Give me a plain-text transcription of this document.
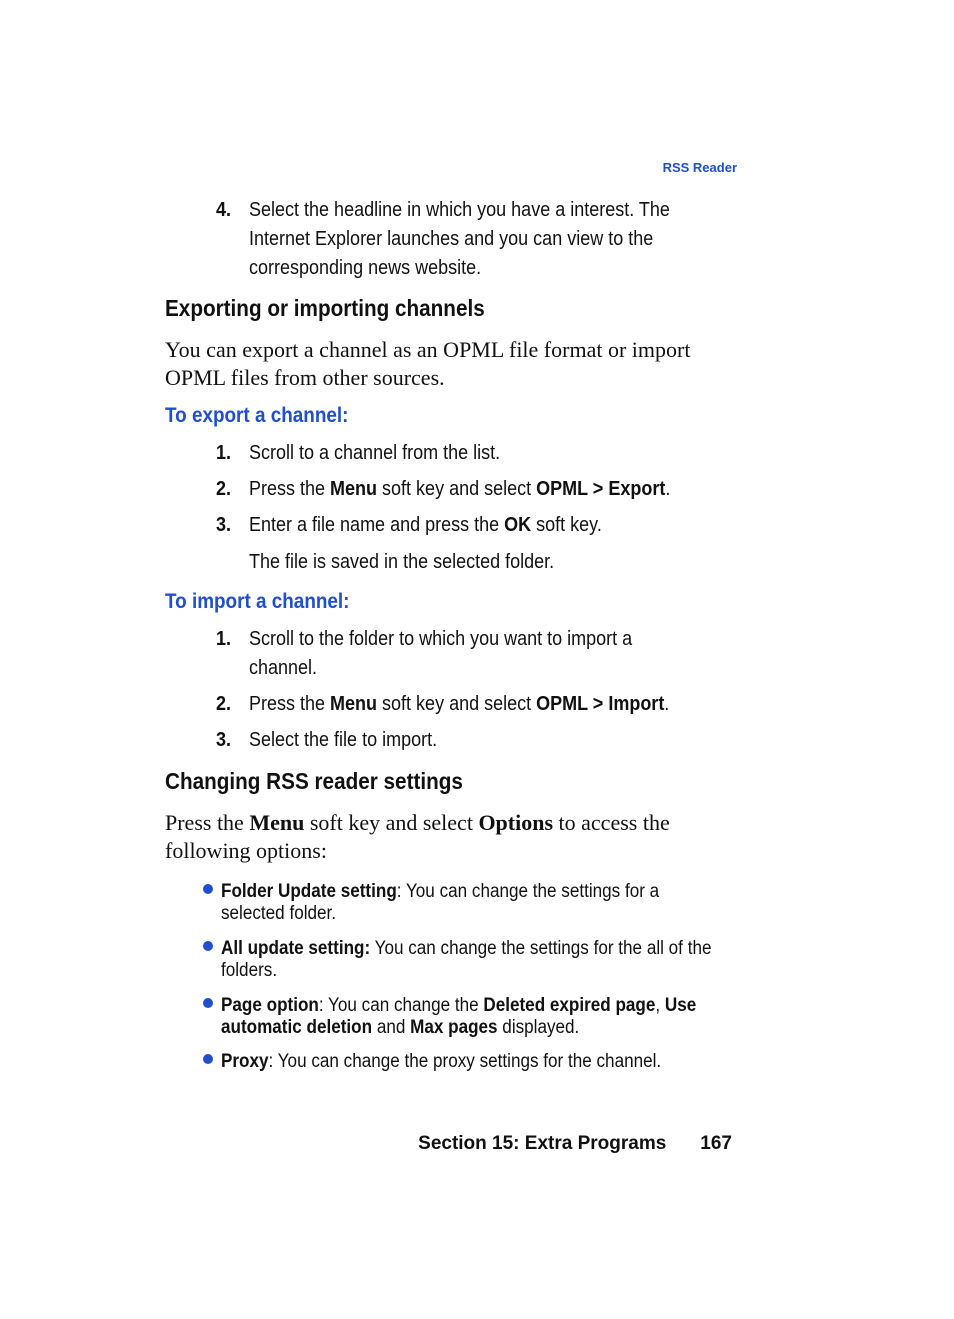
RSS Reader
4. Select the headline in which you have a interest. The Internet Explorer launches and you can view to the corresponding news website.
Exporting or importing channels
You can export a channel as an OPML file format or import OPML files from other sources.
To export a channel:
1. Scroll to a channel from the list.
2. Press the Menu soft key and select OPML > Export.
3. Enter a file name and press the OK soft key.
The file is saved in the selected folder.
To import a channel:
1. Scroll to the folder to which you want to import a channel.
2. Press the Menu soft key and select OPML > Import.
3. Select the file to import.
Changing RSS reader settings
Press the Menu soft key and select Options to access the following options:
Folder Update setting: You can change the settings for a selected folder.
All update setting: You can change the settings for the all of the folders.
Page option: You can change the Deleted expired page, Use automatic deletion and Max pages displayed.
Proxy: You can change the proxy settings for the channel.
Section 15: Extra Programs 167
